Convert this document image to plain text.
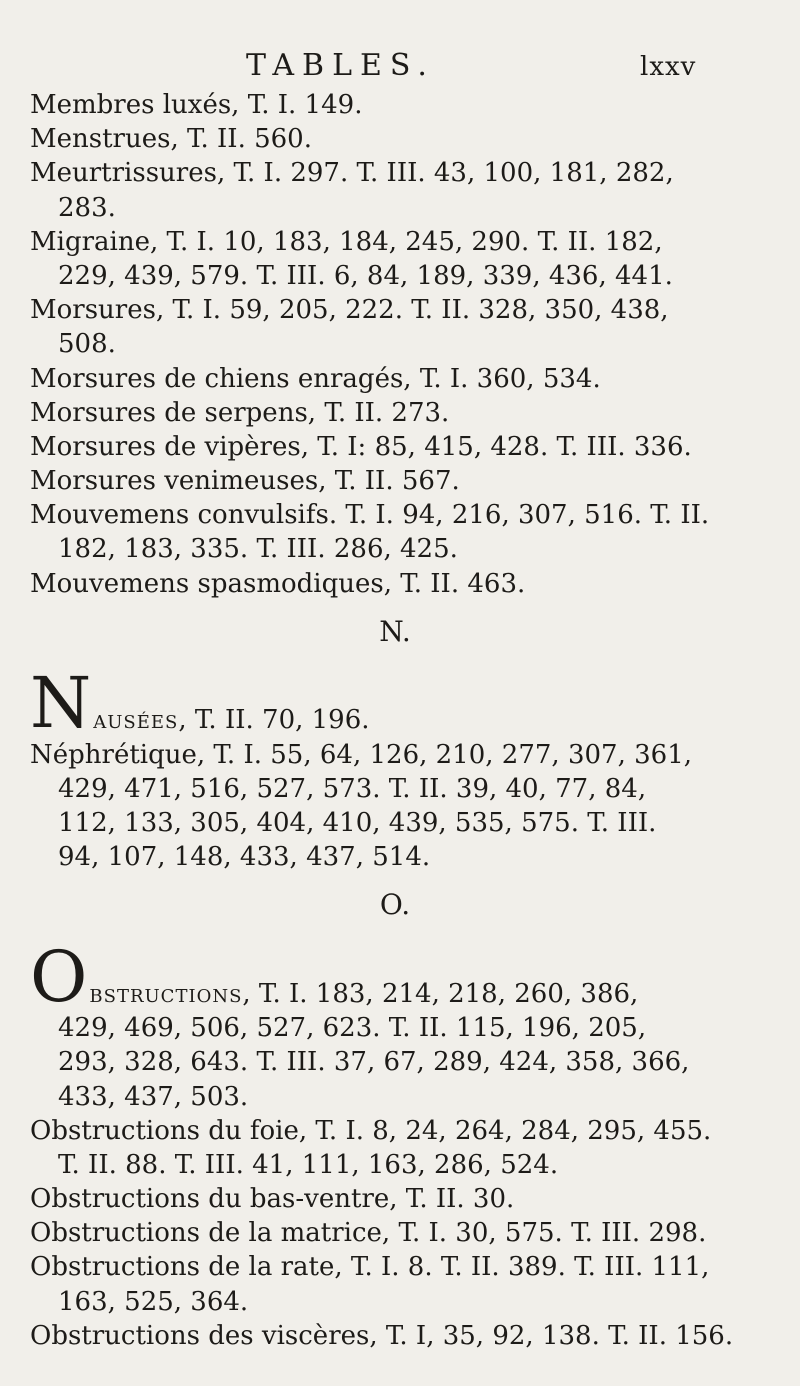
TABLES.	lxxv
Membres luxés, T. I. 149.
Menstrues, T. II. 560.
Meurtrissures, T. I. 297. T. III. 43, 100, 181, 282,
283.
Migraine, T. I. 10, 183, 184, 245, 290. T. II. 182,
229, 439, 579. T. III. 6, 84, 189, 339, 436, 441.
Morsures, T. I. 59, 205, 222. T. II. 328, 350, 438,
508.
Morsures de chiens enragés, T. I. 360, 534.
Morsures de serpens, T. II. 273.
Morsures de vipères, T. I: 85, 415, 428. T. III. 336.
Morsures venimeuses, T. II. 567.
Mouvemens convulsifs. T. I. 94, 216, 307, 516. T. II.
182, 183, 335. T. III. 286, 425.
Mouvemens spasmodiques, T. II. 463.
N.
N ausées, T. II. 70, 196.
Néphrétique, T. I. 55, 64, 126, 210, 277, 307, 361,
429, 471, 516, 527, 573. T. II. 39, 40, 77, 84,
112, 133, 305, 404, 410, 439, 535, 575. T. III.
94, 107, 148, 433, 437, 514.
O.
O bstructions, T. I. 183, 214, 218, 260, 386,
429, 469, 506, 527, 623. T. II. 115, 196, 205,
293, 328, 643. T. III. 37, 67, 289, 424, 358, 366,
433, 437, 503.
Obstructions du foie, T. I. 8, 24, 264, 284, 295, 455.
T. II. 88. T. III. 41, 111, 163, 286, 524.
Obstructions du bas-ventre, T. II. 30.
Obstructions de la matrice, T. I. 30, 575. T. III. 298.
Obstructions de la rate, T. I. 8. T. II. 389. T. III. 111,
163, 525, 364.
Obstructions des viscères, T. I, 35, 92, 138. T. II. 156.
